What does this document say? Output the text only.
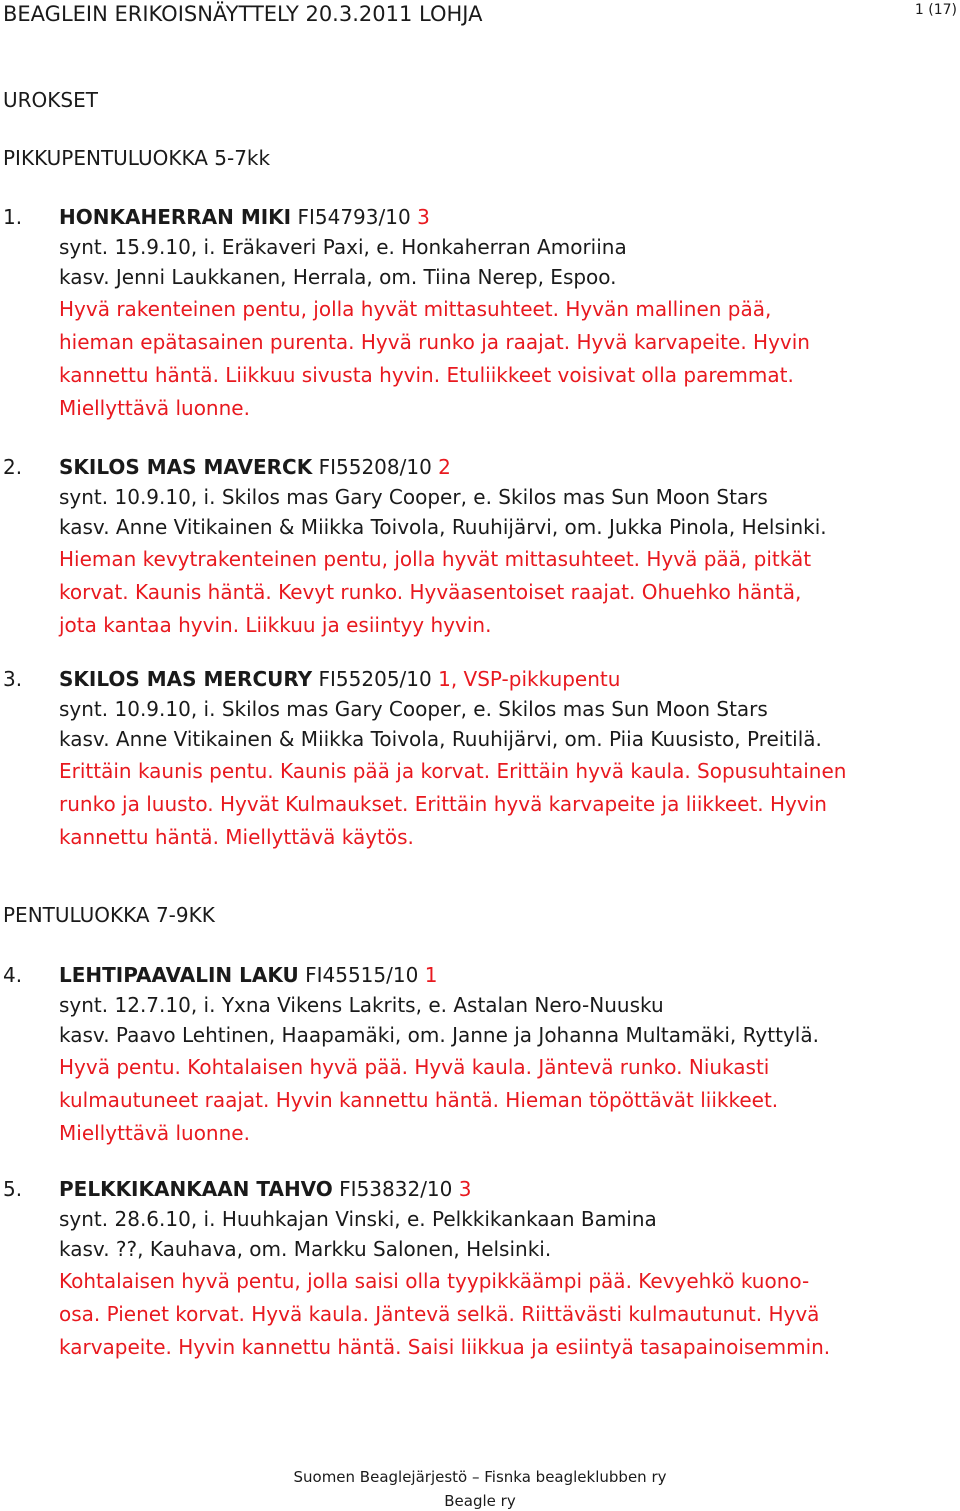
BEAGLEIN ERIKOISNÄYTTELY 20.3.2011 LOHJA	1 (17)
UROKSET
PIKKUPENTULUOKKA 5-7kk
1. HONKAHERRAN MIKI FI54793/10 3
synt. 15.9.10, i. Eräkaveri Paxi, e. Honkaherran Amoriina
kasv. Jenni Laukkanen, Herrala, om. Tiina Nerep, Espoo.
Hyvä rakenteinen pentu, jolla hyvät mittasuhteet. Hyvän mallinen pää,
hieman epätasainen purenta. Hyvä runko ja raajat. Hyvä karvapeite. Hyvin
kannettu häntä. Liikkuu sivusta hyvin. Etuliikkeet voisivat olla paremmat.
Miellyttävä luonne.
2. SKILOS MAS MAVERCK FI55208/10 2
synt. 10.9.10, i. Skilos mas Gary Cooper, e. Skilos mas Sun Moon Stars
kasv. Anne Vitikainen & Miikka Toivola, Ruuhijärvi, om. Jukka Pinola, Helsinki.
Hieman kevytrakenteinen pentu, jolla hyvät mittasuhteet. Hyvä pää, pitkät
korvat. Kaunis häntä. Kevyt runko. Hyväasentoiset raajat. Ohuehko häntä,
jota kantaa hyvin. Liikkuu ja esiintyy hyvin.
3. SKILOS MAS MERCURY FI55205/10 1, VSP-pikkupentu
synt. 10.9.10, i. Skilos mas Gary Cooper, e. Skilos mas Sun Moon Stars
kasv. Anne Vitikainen & Miikka Toivola, Ruuhijärvi, om. Piia Kuusisto, Preitilä.
Erittäin kaunis pentu. Kaunis pää ja korvat. Erittäin hyvä kaula. Sopusuhtainen
runko ja luusto. Hyvät Kulmaukset. Erittäin hyvä karvapeite ja liikkeet. Hyvin
kannettu häntä. Miellyttävä käytös.
PENTULUOKKA 7-9KK
4. LEHTIPAAVALIN LAKU FI45515/10 1
synt. 12.7.10, i. Yxna Vikens Lakrits, e. Astalan Nero-Nuusku
kasv. Paavo Lehtinen, Haapamäki, om. Janne ja Johanna Multamäki, Ryttylä.
Hyvä pentu. Kohtalaisen hyvä pää. Hyvä kaula. Jäntevä runko. Niukasti
kulmautuneet raajat. Hyvin kannettu häntä. Hieman töpöttävät liikkeet.
Miellyttävä luonne.
5. PELKKIKANKAAN TAHVO FI53832/10 3
synt. 28.6.10, i. Huuhkajan Vinski, e. Pelkkikankaan Bamina
kasv. ??, Kauhava, om. Markku Salonen, Helsinki.
Kohtalaisen hyvä pentu, jolla saisi olla tyypikkäämpi pää. Kevyehkö kuono-
osa. Pienet korvat. Hyvä kaula. Jäntevä selkä. Riittävästi kulmautunut. Hyvä
karvapeite. Hyvin kannettu häntä. Saisi liikkua ja esiintyä tasapainoisemmin.
Suomen Beaglejärjestö – Fisnka beagleklubben ry
Beagle ry
